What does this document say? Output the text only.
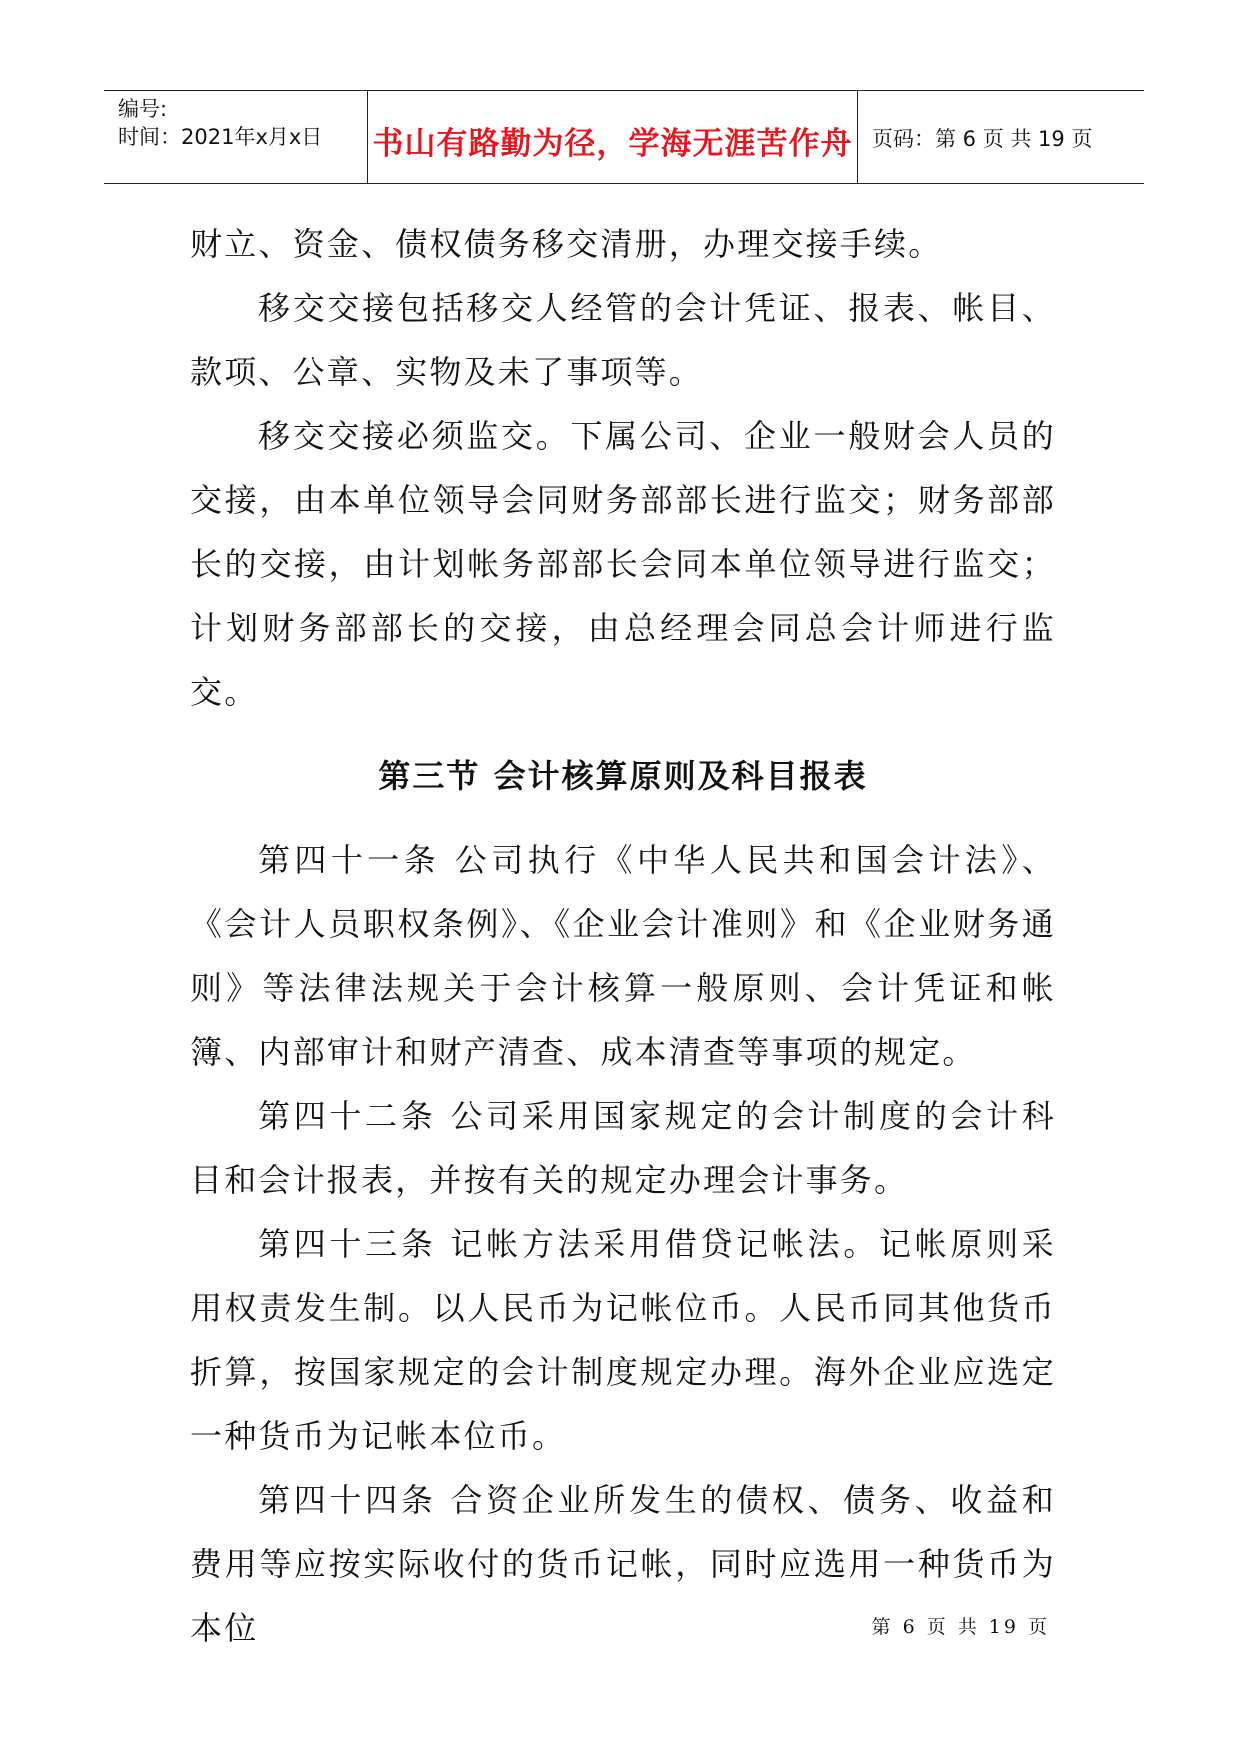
编号:
时间：2021年x月x日 书山有路勤为径，学海无涯苦作舟 页码：第 6 页 共 19 页

财立、资金、债权债务移交清册，办理交接手续。

移交交接包括移交人经管的会计凭证、报表、帐目、款项、公章、实物及未了事项等。

移交交接必须监交。下属公司、企业一般财会人员的交接，由本单位领导会同财务部部长进行监交；财务部部长的交接，由计划帐务部部长会同本单位领导进行监交；计划财务部部长的交接，由总经理会同总会计师进行监交。

第三节 会计核算原则及科目报表

第四十一条 公司执行《中华人民共和国会计法》、《会计人员职权条例》、《企业会计准则》和《企业财务通则》等法律法规关于会计核算一般原则、会计凭证和帐簿、内部审计和财产清查、成本清查等事项的规定。

第四十二条 公司采用国家规定的会计制度的会计科目和会计报表，并按有关的规定办理会计事务。

第四十三条 记帐方法采用借贷记帐法。记帐原则采用权责发生制。以人民币为记帐位币。人民币同其他货币折算，按国家规定的会计制度规定办理。海外企业应选定一种货币为记帐本位币。

第四十四条 合资企业所发生的债权、债务、收益和费用等应按实际收付的货币记帐，同时应选用一种货币为本位	第 6 页 共 19 页
